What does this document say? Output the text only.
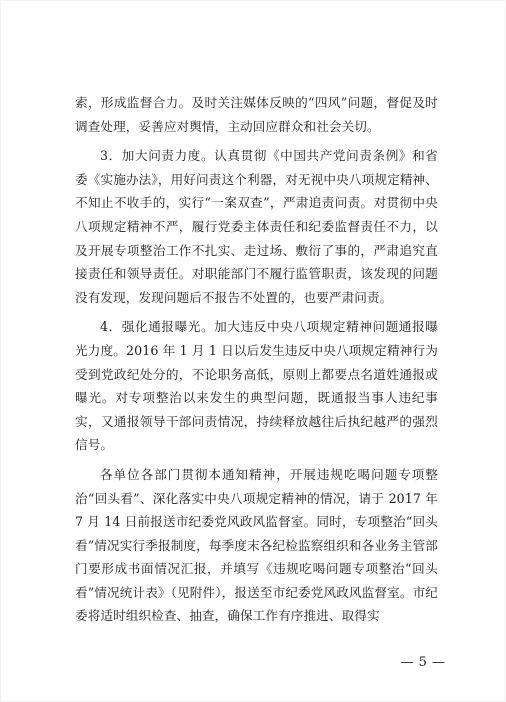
索，形成监督合力。及时关注媒体反映的“四风”问题，督促及时调查处理，妥善应对舆情，主动回应群众和社会关切。

3．加大问责力度。认真贯彻《中国共产党问责条例》和省委《实施办法》，用好问责这个利器，对无视中央八项规定精神、不知止不收手的，实行“一案双查”，严肃追责问责。对贯彻中央八项规定精神不严，履行党委主体责任和纪委监督责任不力，以及开展专项整治工作不扎实、走过场、敷衍了事的，严肃追究直接责任和领导责任。对职能部门不履行监管职责，该发现的问题没有发现，发现问题后不报告不处置的，也要严肃问责。

4．强化通报曝光。加大违反中央八项规定精神问题通报曝光力度。2016 年 1 月 1 日以后发生违反中央八项规定精神行为受到党政纪处分的，不论职务高低，原则上都要点名道姓通报或曝光。对专项整治以来发生的典型问题，既通报当事人违纪事实，又通报领导干部问责情况，持续释放越往后执纪越严的强烈信号。

各单位各部门贯彻本通知精神，开展违规吃喝问题专项整治“回头看”、深化落实中央八项规定精神的情况，请于 2017 年 7 月 14 日前报送市纪委党风政风监督室。同时，专项整治“回头看”情况实行季报制度，每季度末各纪检监察组织和各业务主管部门要形成书面情况汇报，并填写《违规吃喝问题专项整治“回头看”情况统计表》（见附件），报送至市纪委党风政风监督室。市纪委将适时组织检查、抽查，确保工作有序推进、取得实

— 5 —
